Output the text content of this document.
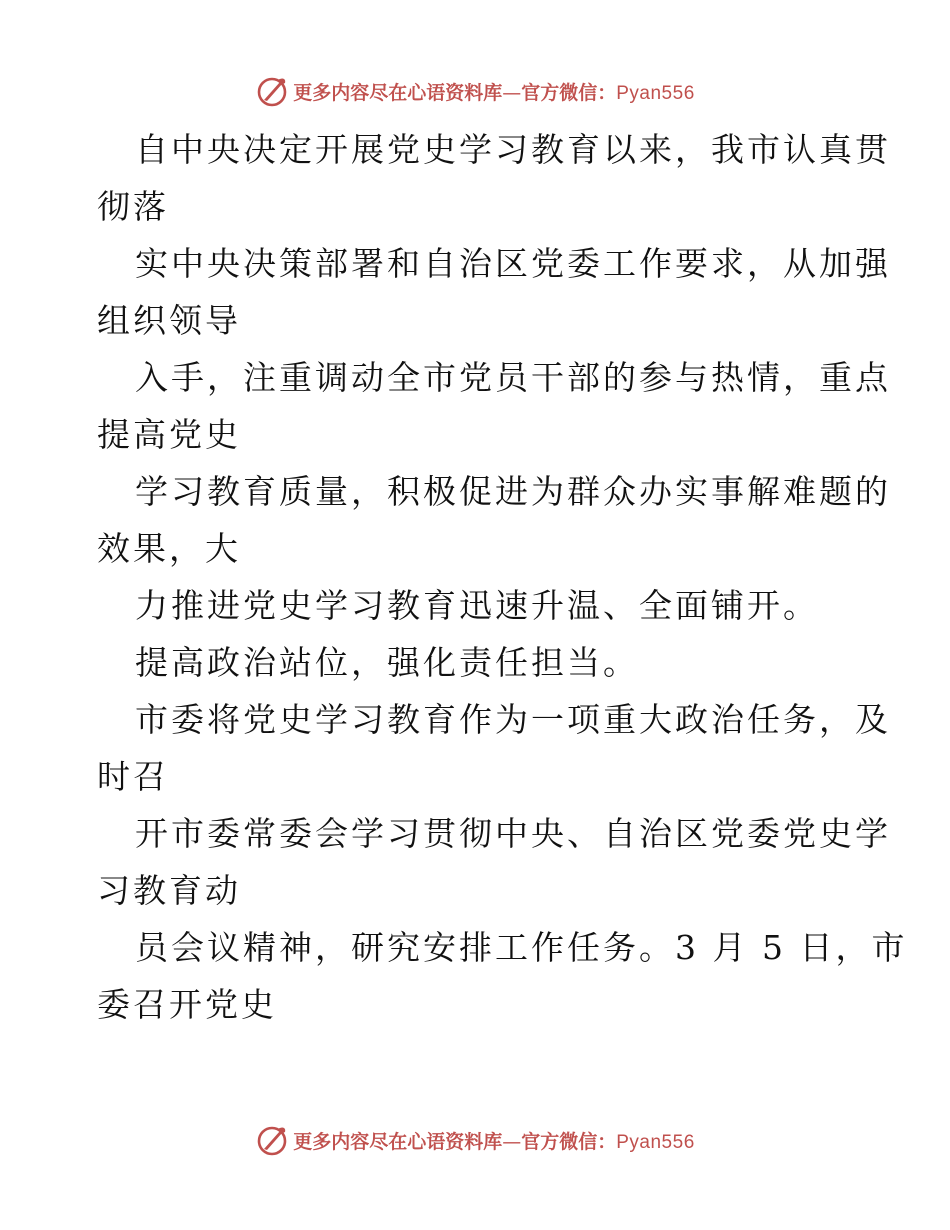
更多内容尽在心语资料库—官方微信：Pyan556
自中央决定开展党史学习教育以来，我市认真贯
彻落
实中央决策部署和自治区党委工作要求，从加强
组织领导
入手，注重调动全市党员干部的参与热情，重点
提高党史
学习教育质量，积极促进为群众办实事解难题的
效果，大
力推进党史学习教育迅速升温、全面铺开。
提高政治站位，强化责任担当。
市委将党史学习教育作为一项重大政治任务，及
时召
开市委常委会学习贯彻中央、自治区党委党史学
习教育动
员会议精神，研究安排工作任务。3 月 5 日，市
委召开党史
更多内容尽在心语资料库—官方微信：Pyan556
